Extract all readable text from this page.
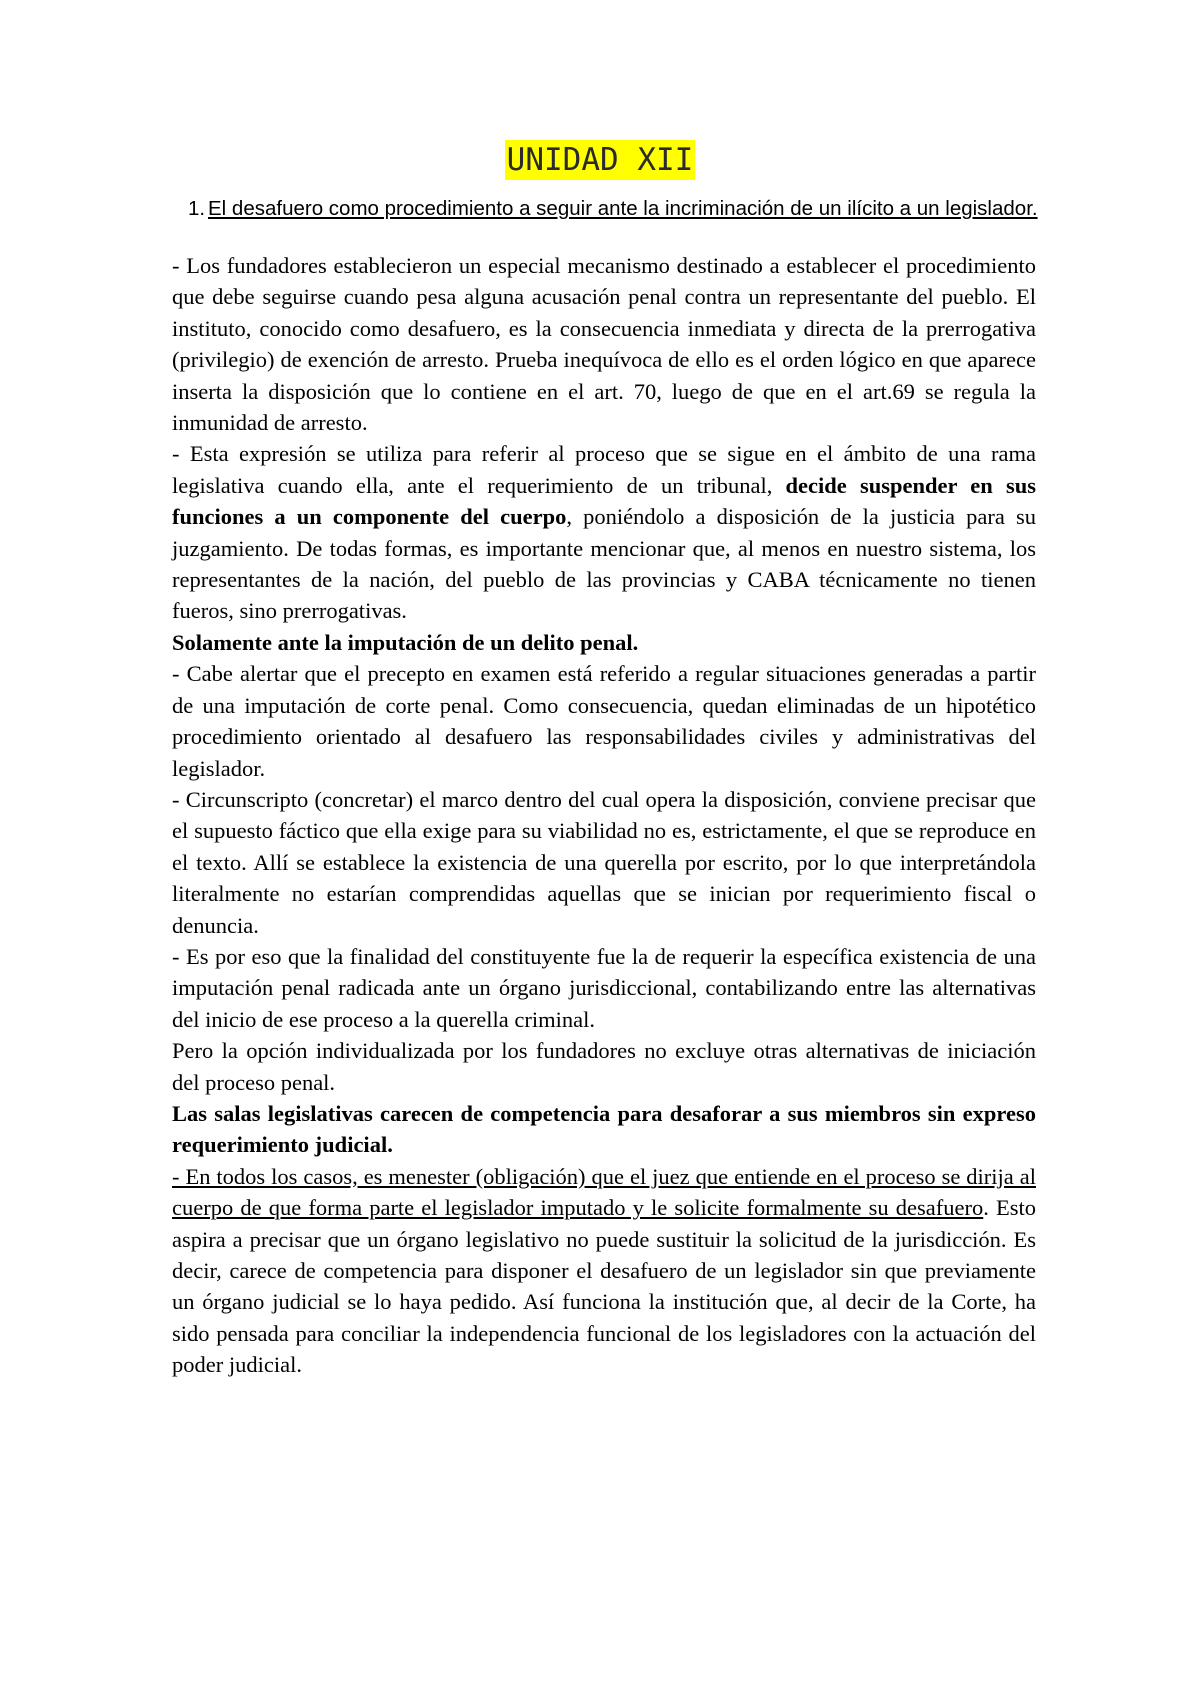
UNIDAD XII
1. El desafuero como procedimiento a seguir ante la incriminación de un ilícito a un legislador.

- Los fundadores establecieron un especial mecanismo destinado a establecer el procedimiento que debe seguirse cuando pesa alguna acusación penal contra un representante del pueblo. El instituto, conocido como desafuero, es la consecuencia inmediata y directa de la prerrogativa (privilegio) de exención de arresto. Prueba inequívoca de ello es el orden lógico en que aparece inserta la disposición que lo contiene en el art. 70, luego de que en el art.69 se regula la inmunidad de arresto.

- Esta expresión se utiliza para referir al proceso que se sigue en el ámbito de una rama legislativa cuando ella, ante el requerimiento de un tribunal, decide suspender en sus funciones a un componente del cuerpo, poniéndolo a disposición de la justicia para su juzgamiento. De todas formas, es importante mencionar que, al menos en nuestro sistema, los representantes de la nación, del pueblo de las provincias y CABA técnicamente no tienen fueros, sino prerrogativas.

Solamente ante la imputación de un delito penal.

- Cabe alertar que el precepto en examen está referido a regular situaciones generadas a partir de una imputación de corte penal. Como consecuencia, quedan eliminadas de un hipotético procedimiento orientado al desafuero las responsabilidades civiles y administrativas del legislador.

- Circunscripto (concretar) el marco dentro del cual opera la disposición, conviene precisar que el supuesto fáctico que ella exige para su viabilidad no es, estrictamente, el que se reproduce en el texto. Allí se establece la existencia de una querella por escrito, por lo que interpretándola literalmente no estarían comprendidas aquellas que se inician por requerimiento fiscal o denuncia.

- Es por eso que la finalidad del constituyente fue la de requerir la específica existencia de una imputación penal radicada ante un órgano jurisdiccional, contabilizando entre las alternativas del inicio de ese proceso a la querella criminal.

Pero la opción individualizada por los fundadores no excluye otras alternativas de iniciación del proceso penal.

Las salas legislativas carecen de competencia para desaforar a sus miembros sin expreso requerimiento judicial.

- En todos los casos, es menester (obligación) que el juez que entiende en el proceso se dirija al cuerpo de que forma parte el legislador imputado y le solicite formalmente su desafuero. Esto aspira a precisar que un órgano legislativo no puede sustituir la solicitud de la jurisdicción. Es decir, carece de competencia para disponer el desafuero de un legislador sin que previamente un órgano judicial se lo haya pedido. Así funciona la institución que, al decir de la Corte, ha sido pensada para conciliar la independencia funcional de los legisladores con la actuación del poder judicial.
